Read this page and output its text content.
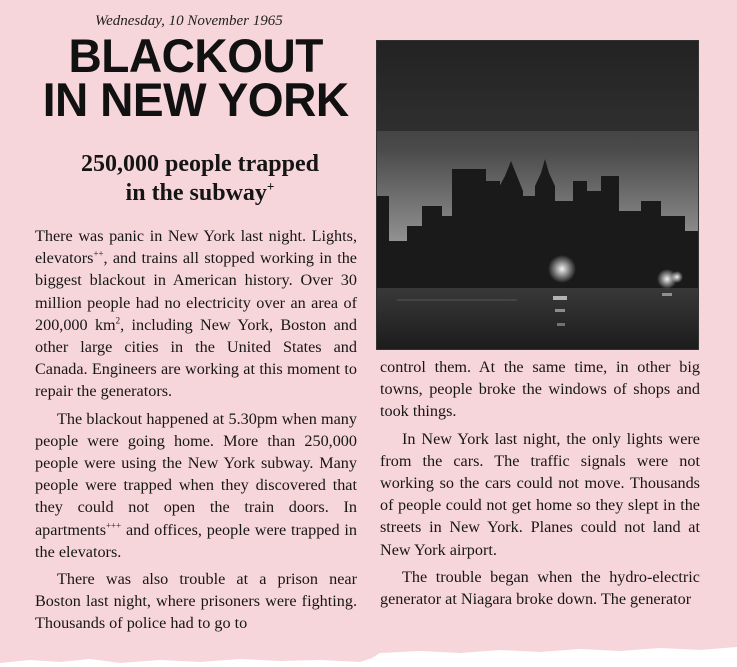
Wednesday, 10 November 1965
BLACKOUT
IN NEW YORK
250,000 people trapped
in the subway+

There was panic in New York last night. Lights, elevators++, and trains all stopped working in the biggest blackout in American history. Over 30 million people had no electricity over an area of 200,000 $km^2$, including New York, Boston and other large cities in the United States and Canada. Engineers are working at this moment to repair the generators.

The blackout happened at 5.30pm when many people were going home. More than 250,000 people were using the New York subway. Many people were trapped when they discovered that they could not open the train doors. In apartments+++ and offices, people were trapped in the elevators.

There was also trouble at a prison near Boston last night, where prisoners were fighting. Thousands of police had to go to

control them. At the same time, in other big towns, people broke the windows of shops and took things.

In New York last night, the only lights were from the cars. The traffic signals were not working so the cars could not move. Thousands of people could not get home so they slept in the streets in New York. Planes could not land at New York airport.

The trouble began when the hydro-electric generator at Niagara broke down. The generator
